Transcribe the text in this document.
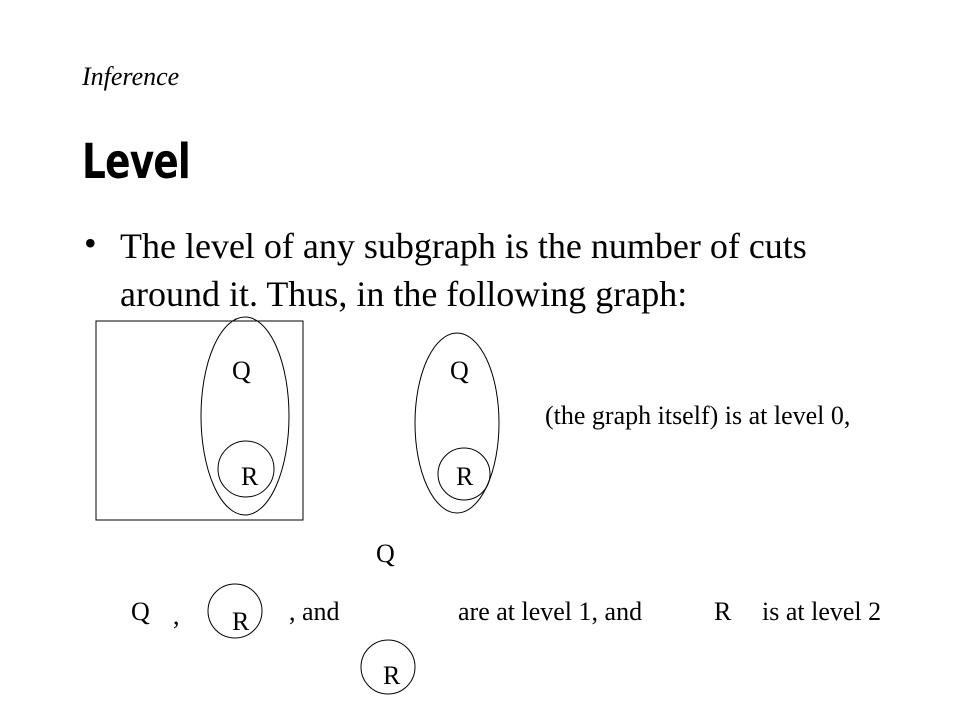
Inference
Level
• The level of any subgraph is the number of cuts around it. Thus, in the following graph:
Q
R
Q
R
(the graph itself) is at level 0,
Q
Q , R , and	are at level 1, and	R is at level 2
R
